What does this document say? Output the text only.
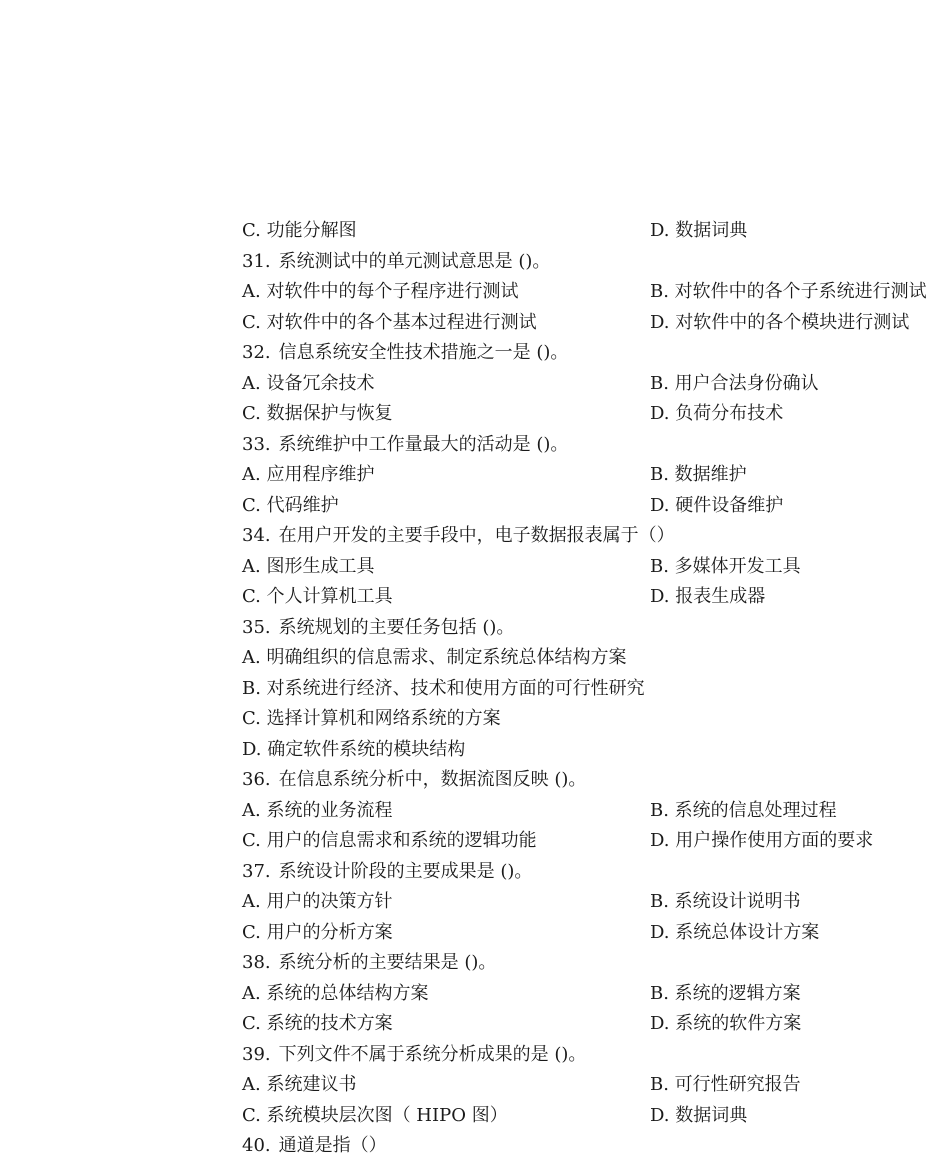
C. 功能分解图	D. 数据词典
31. 系统测试中的单元测试意思是 ()。
A. 对软件中的每个子程序进行测试	B. 对软件中的各个子系统进行测试
C. 对软件中的各个基本过程进行测试	D. 对软件中的各个模块进行测试
32. 信息系统安全性技术措施之一是 ()。
A. 设备冗余技术	B. 用户合法身份确认
C. 数据保护与恢复	D. 负荷分布技术
33. 系统维护中工作量最大的活动是 ()。
A. 应用程序维护	B. 数据维护
C. 代码维护	D. 硬件设备维护
34. 在用户开发的主要手段中，电子数据报表属于（）
A. 图形生成工具	B. 多媒体开发工具
C. 个人计算机工具	D. 报表生成器
35. 系统规划的主要任务包括 ()。
A. 明确组织的信息需求、制定系统总体结构方案
B. 对系统进行经济、技术和使用方面的可行性研究
C. 选择计算机和网络系统的方案
D. 确定软件系统的模块结构
36. 在信息系统分析中，数据流图反映 ()。
A. 系统的业务流程	B. 系统的信息处理过程
C. 用户的信息需求和系统的逻辑功能	D. 用户操作使用方面的要求
37. 系统设计阶段的主要成果是 ()。
A. 用户的决策方针	B. 系统设计说明书
C. 用户的分析方案	D. 系统总体设计方案
38. 系统分析的主要结果是 ()。
A. 系统的总体结构方案	B. 系统的逻辑方案
C. 系统的技术方案	D. 系统的软件方案
39. 下列文件不属于系统分析成果的是 ()。
A. 系统建议书	B. 可行性研究报告
C. 系统模块层次图（ HIPO 图）	D. 数据词典
40. 通道是指（）
